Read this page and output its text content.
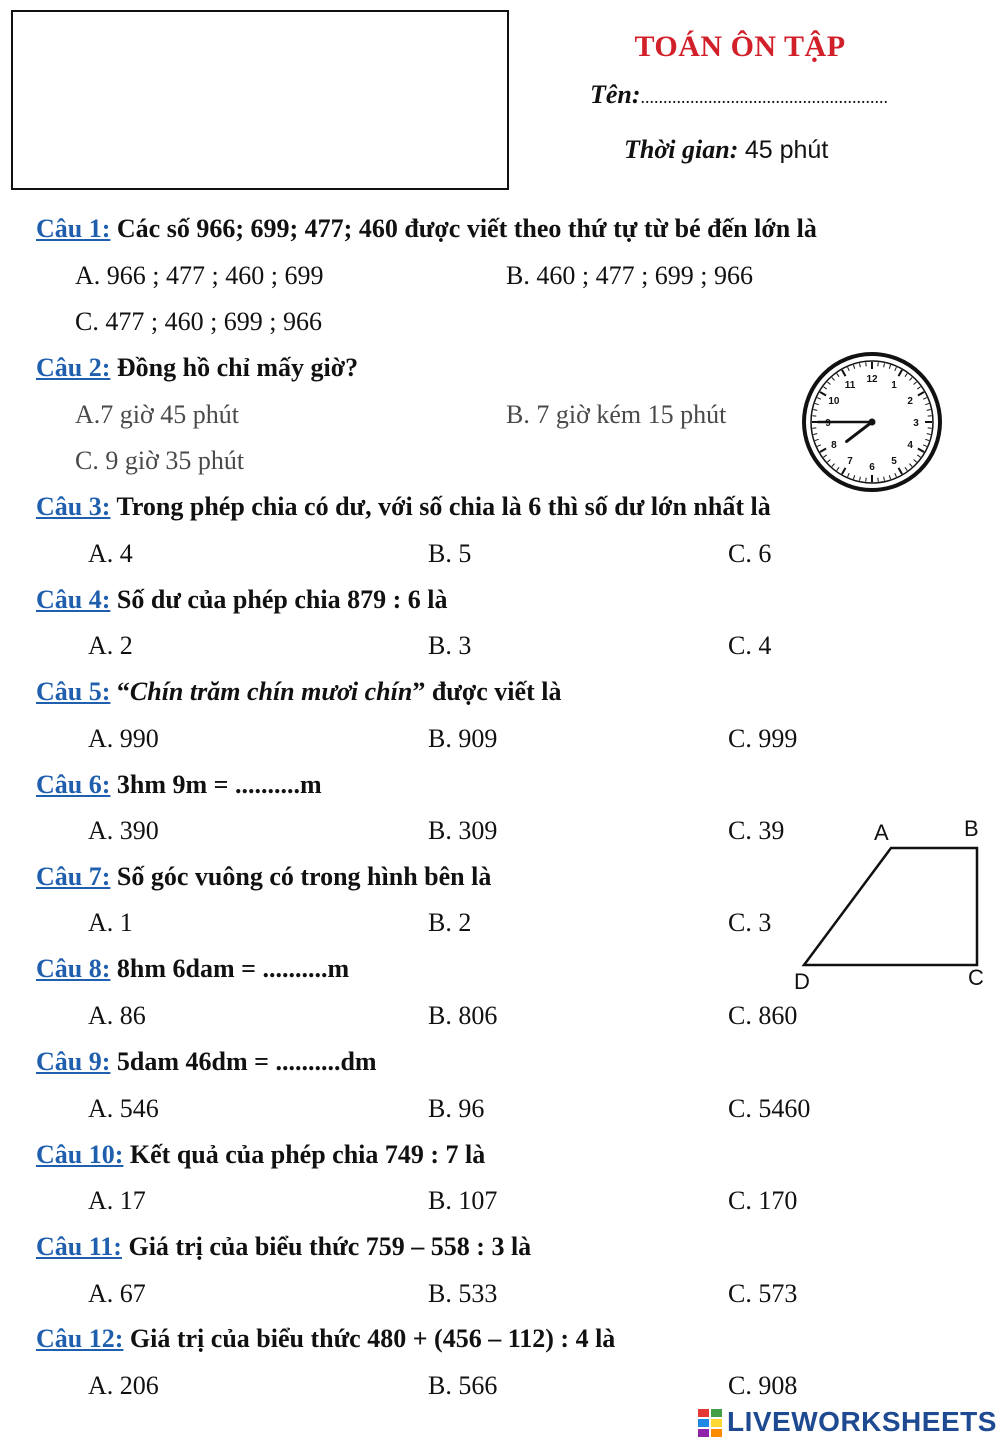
TOÁN ÔN TẬP
Tên:.......................................................
Thời gian: 45 phút
Câu 1: Các số 966; 699; 477; 460 được viết theo thứ tự từ bé đến lớn là
A. 966 ; 477 ; 460 ; 699	B. 460 ; 477 ; 699 ; 966
C. 477 ; 460 ; 699 ; 966
Câu 2: Đồng hồ chỉ mấy giờ?
A.7 giờ 45 phút	B. 7 giờ kém 15 phút
C. 9 giờ 35 phút
12
1
2
3
4
5
6
7
8
9
10
11
Câu 3: Trong phép chia có dư, với số chia là 6 thì số dư lớn nhất là
A. 4	B. 5	C. 6
Câu 4: Số dư của phép chia 879 : 6 là
A. 2	B. 3	C. 4
Câu 5: “Chín trăm chín mươi chín” được viết là
A. 990	B. 909	C. 999
Câu 6: 3hm 9m = ..........m
A. 390	B. 309	C. 39	A	B
C
D
Câu 7: Số góc vuông có trong hình bên là
A. 1	B. 2	C. 3
Câu 8: 8hm 6dam = ..........m
A. 86	B. 806	C. 860
Câu 9: 5dam 46dm = ..........dm
A. 546	B. 96	C. 5460
Câu 10: Kết quả của phép chia 749 : 7 là
A. 17	B. 107	C. 170
Câu 11: Giá trị của biểu thức 759 – 558 : 3 là
A. 67	B. 533	C. 573
Câu 12: Giá trị của biểu thức 480 + (456 – 112) : 4 là
A. 206	B. 566	C. 908
LIVEWORKSHEETS
